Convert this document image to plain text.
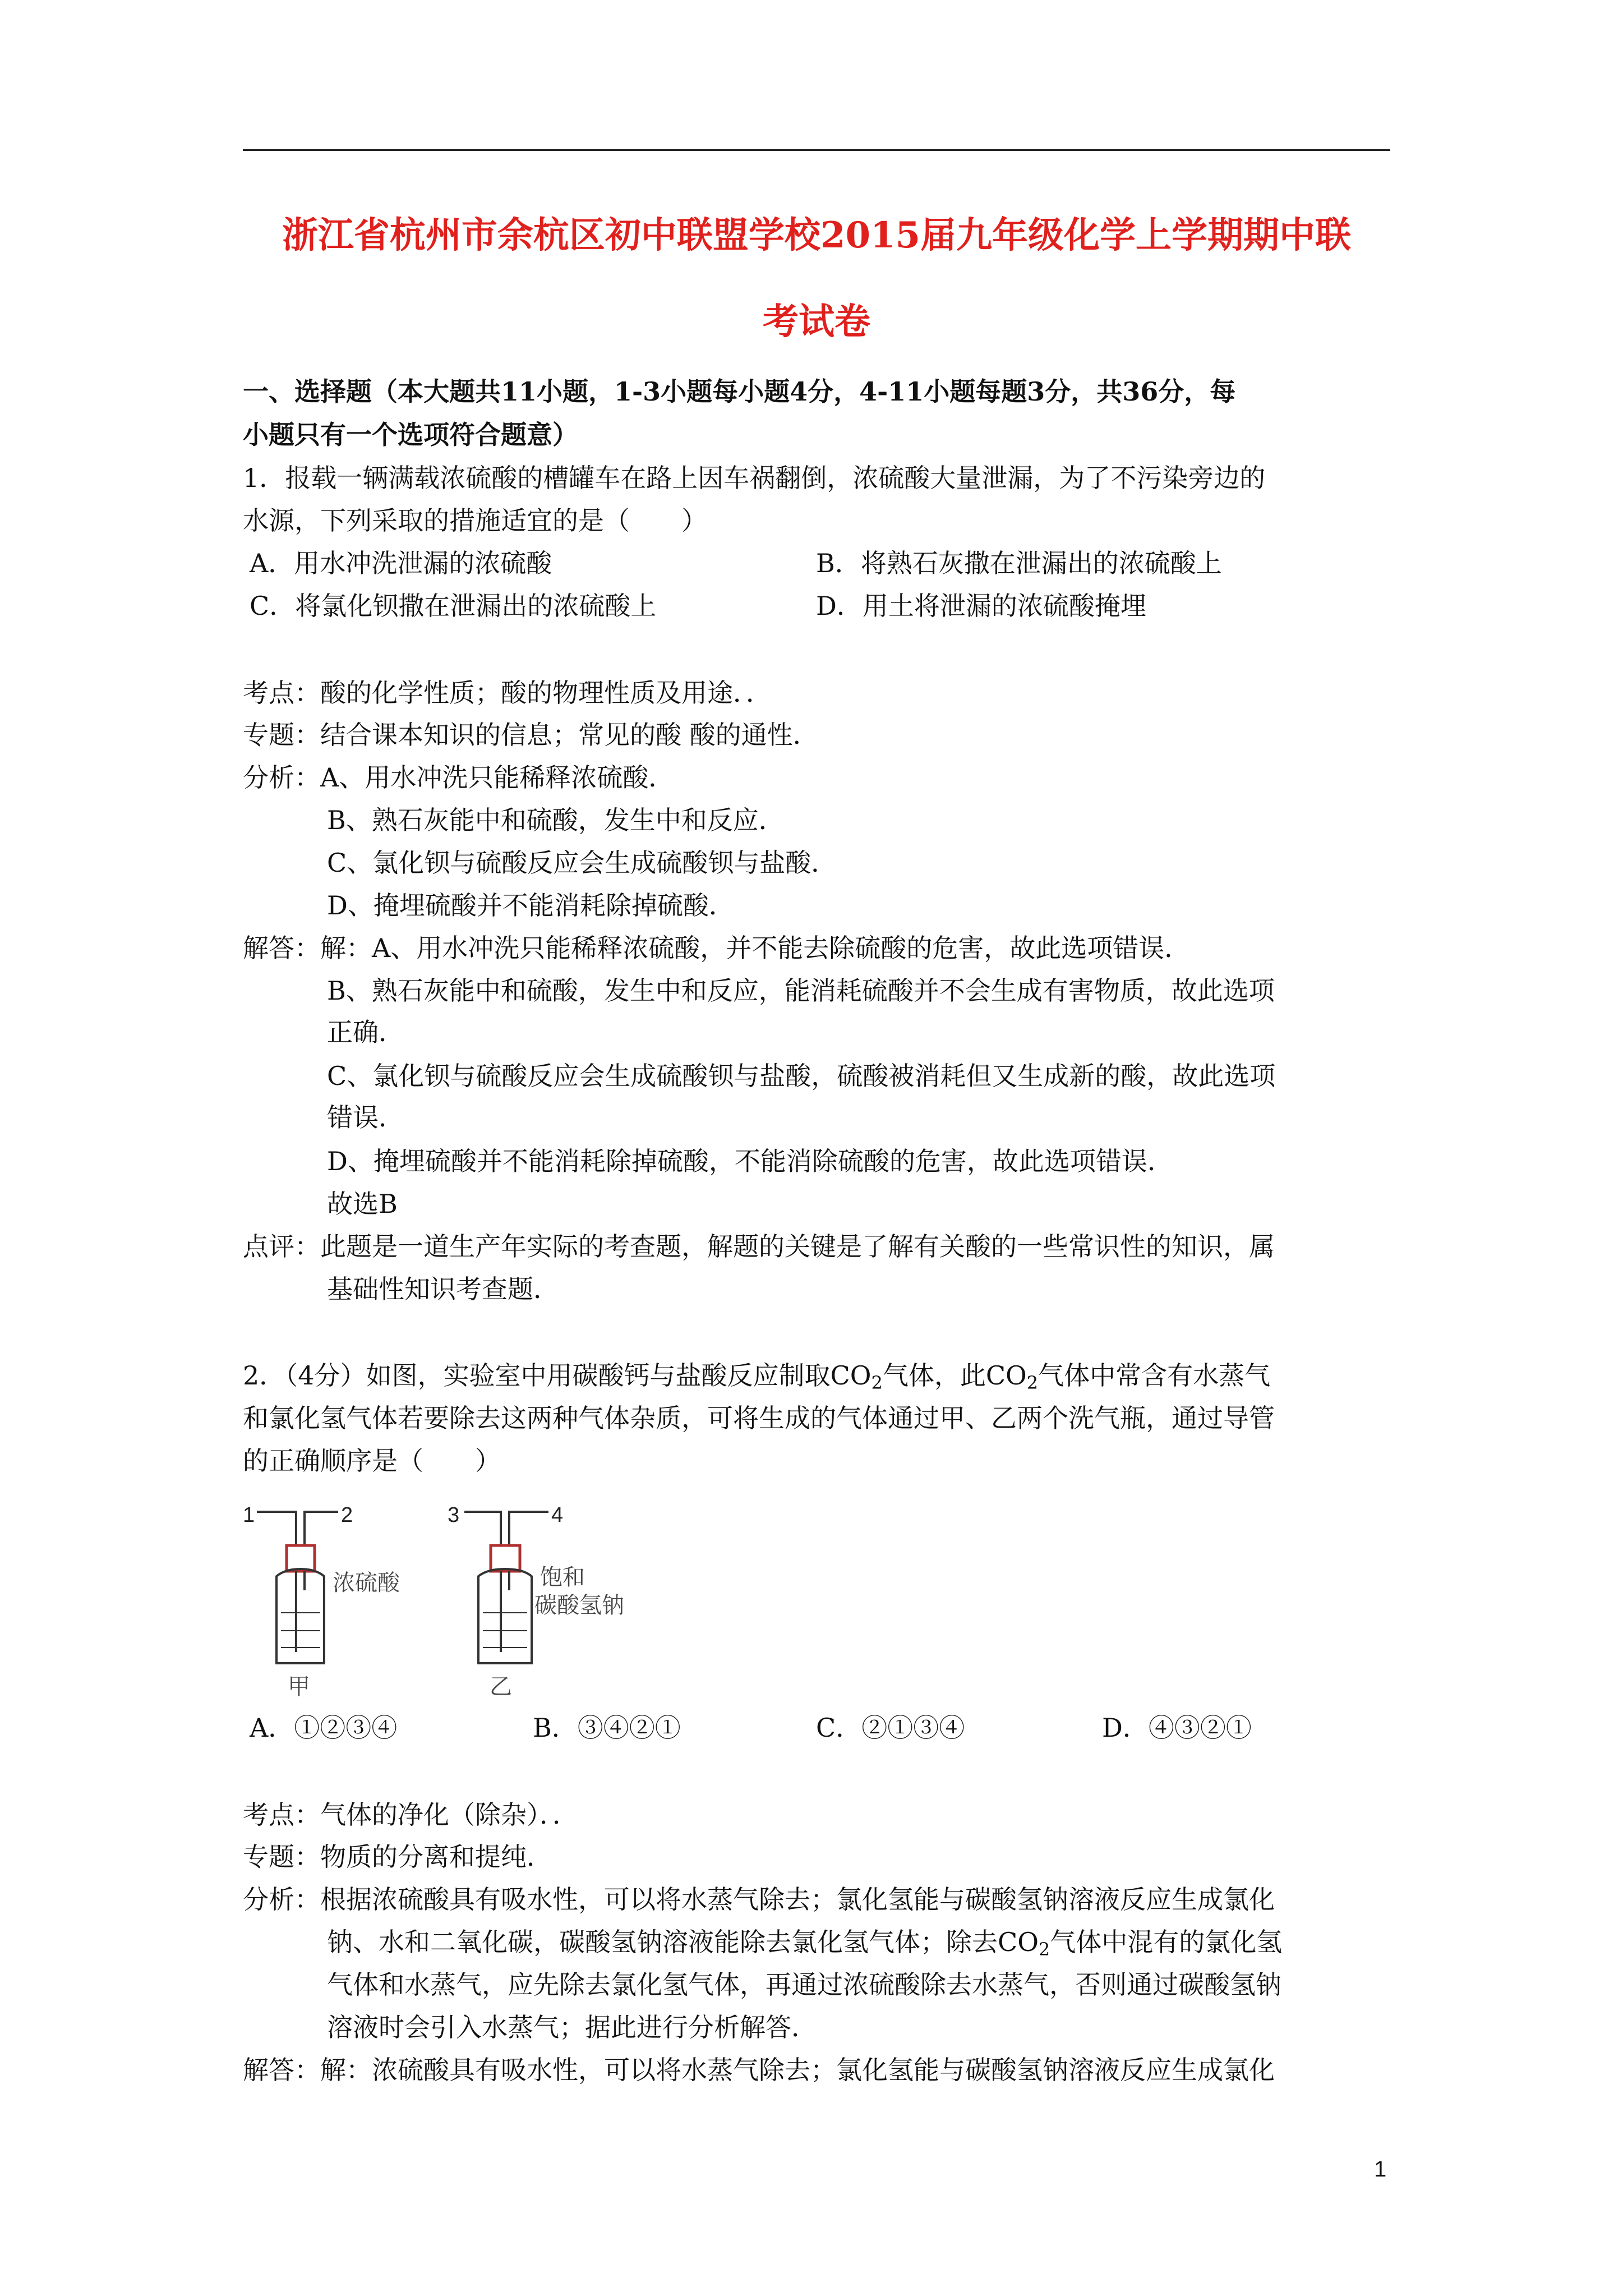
浙江省杭州市余杭区初中联盟学校2015届九年级化学上学期期中联
考试卷
一、选择题（本大题共11小题，1-3小题每小题4分，4-11小题每题3分，共36分，每
小题只有一个选项符合题意）
1．报载一辆满载浓硫酸的槽罐车在路上因车祸翻倒，浓硫酸大量泄漏，为了不污染旁边的
水源，下列采取的措施适宜的是（　　）
A．用水冲洗泄漏的浓硫酸	B．将熟石灰撒在泄漏出的浓硫酸上
C．将氯化钡撒在泄漏出的浓硫酸上	D．用土将泄漏的浓硫酸掩埋
考点：酸的化学性质；酸的物理性质及用途．．
专题：结合课本知识的信息；常见的酸 酸的通性．
分析：A、用水冲洗只能稀释浓硫酸．
B、熟石灰能中和硫酸，发生中和反应．
C、氯化钡与硫酸反应会生成硫酸钡与盐酸．
D、掩埋硫酸并不能消耗除掉硫酸．
解答：解：A、用水冲洗只能稀释浓硫酸，并不能去除硫酸的危害，故此选项错误．
B、熟石灰能中和硫酸，发生中和反应，能消耗硫酸并不会生成有害物质，故此选项
正确．
C、氯化钡与硫酸反应会生成硫酸钡与盐酸，硫酸被消耗但又生成新的酸，故此选项
错误．
D、掩埋硫酸并不能消耗除掉硫酸，不能消除硫酸的危害，故此选项错误．
故选B
点评：此题是一道生产年实际的考查题，解题的关键是了解有关酸的一些常识性的知识，属
基础性知识考查题．
2．（4分）如图，实验室中用碳酸钙与盐酸反应制取$CO_2$气体，此$CO_2$气体中常含有水蒸气
和氯化氢气体若要除去这两种气体杂质，可将生成的气体通过甲、乙两个洗气瓶，通过导管
的正确顺序是（　　）
1	2	3	4
浓硫酸	饱和
碳酸氢钠
甲	乙
A．①②③④	B．③④②①	C．②①③④	D．④③②①
考点：气体的净化（除杂）．．
专题：物质的分离和提纯．
分析：根据浓硫酸具有吸水性，可以将水蒸气除去；氯化氢能与碳酸氢钠溶液反应生成氯化
钠、水和二氧化碳，碳酸氢钠溶液能除去氯化氢气体；除去$CO_2$气体中混有的氯化氢
气体和水蒸气，应先除去氯化氢气体，再通过浓硫酸除去水蒸气，否则通过碳酸氢钠
溶液时会引入水蒸气；据此进行分析解答．
解答：解：浓硫酸具有吸水性，可以将水蒸气除去；氯化氢能与碳酸氢钠溶液反应生成氯化
1
